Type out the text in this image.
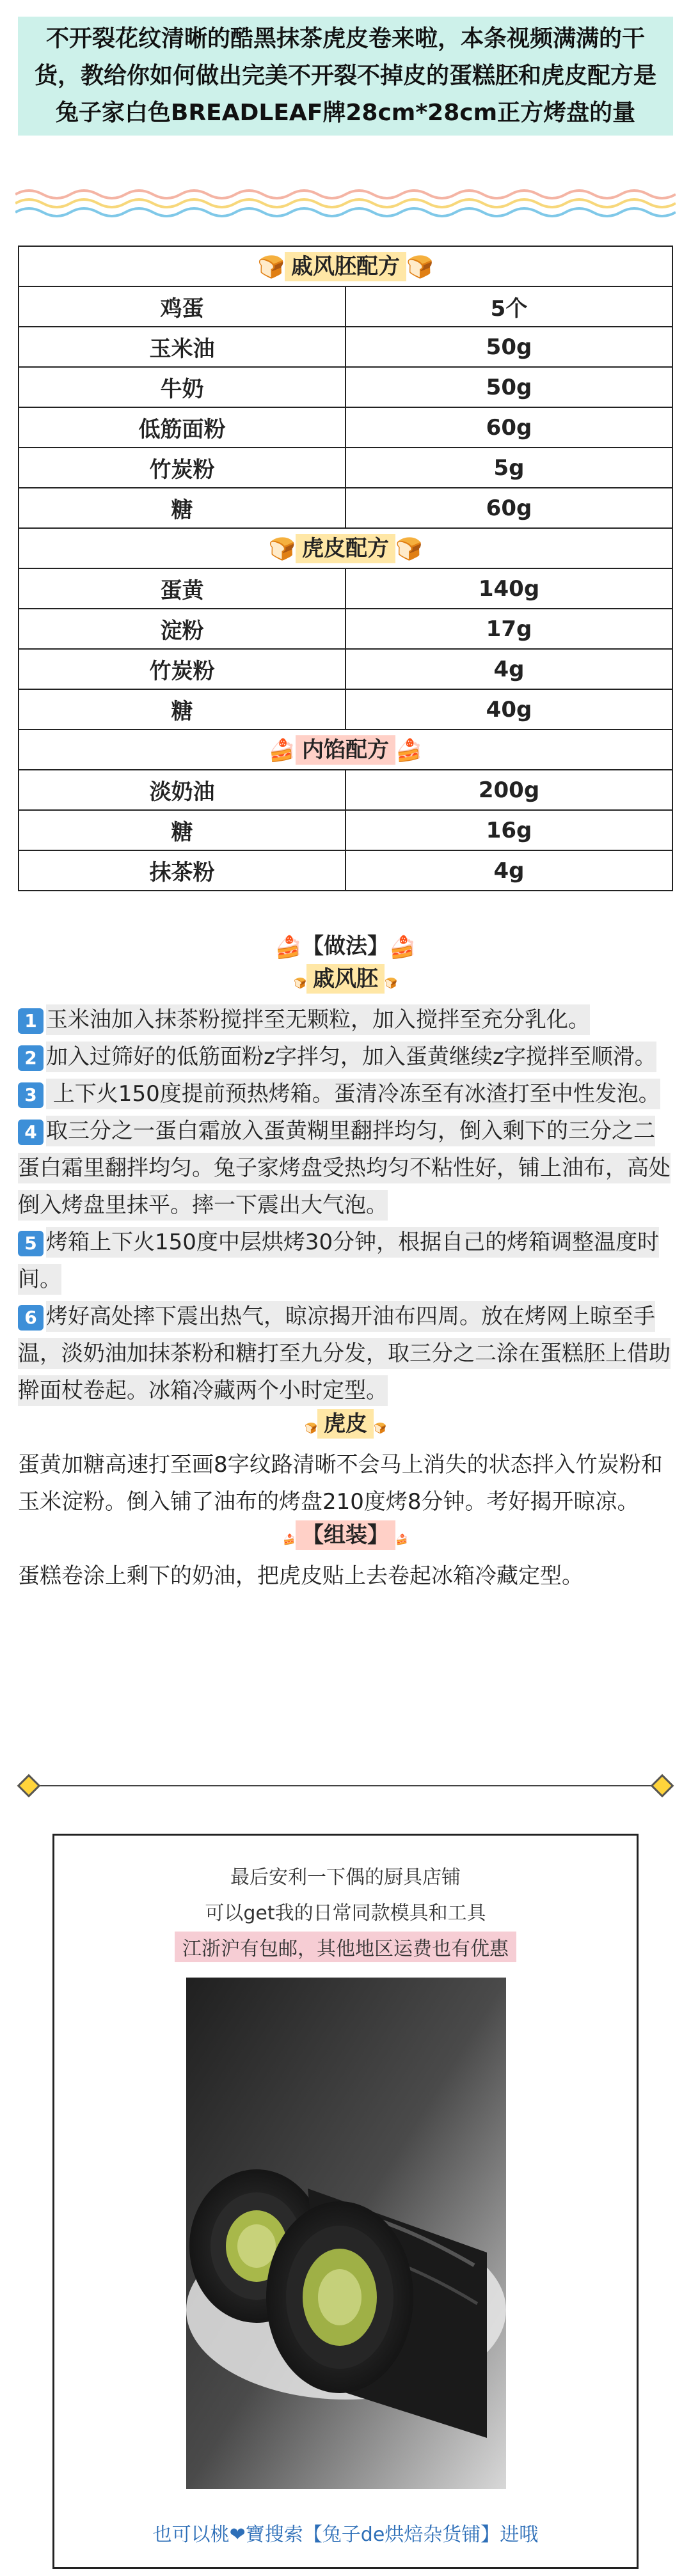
不开裂花纹清晰的酷黑抹茶虎皮卷来啦，本条视频满满的干货，教给你如何做出完美不开裂不掉皮的蛋糕胚和虎皮配方是兔子家白色BREADLEAF牌28cm*28cm正方烤盘的量
🍞 戚风胚配方 🍞	
鸡蛋	5个
玉米油	50g
牛奶	50g
低筋面粉	60g
竹炭粉	5g
糖	60g
🍞 虎皮配方 🍞	
蛋黄	140g
淀粉	17g
竹炭粉	4g
糖	40g
🍰 内馅配方 🍰	
淡奶油	200g
糖	16g
抹茶粉	4g
🍰【做法】🍰
🍞 戚风胚 🍞
1 玉米油加入抹茶粉搅拌至无颗粒，加入搅拌至充分乳化。
2 加入过筛好的低筋面粉z字拌匀，加入蛋黄继续z字搅拌至顺滑。
3 上下火150度提前预热烤箱。蛋清冷冻至有冰渣打至中性发泡。
4 取三分之一蛋白霜放入蛋黄糊里翻拌均匀，倒入剩下的三分之二蛋白霜里翻拌均匀。兔子家烤盘受热均匀不粘性好，铺上油布，高处倒入烤盘里抹平。摔一下震出大气泡。
5 烤箱上下火150度中层烘烤30分钟，根据自己的烤箱调整温度时间。
6 烤好高处摔下震出热气，晾凉揭开油布四周。放在烤网上晾至手温，淡奶油加抹茶粉和糖打至九分发，取三分之二涂在蛋糕胚上借助擀面杖卷起。冰箱冷藏两个小时定型。
🍞 虎皮 🍞
蛋黄加糖高速打至画8字纹路清晰不会马上消失的状态拌入竹炭粉和玉米淀粉。倒入铺了油布的烤盘210度烤8分钟。考好揭开晾凉。
🍰 【组装】 🍰
蛋糕卷涂上剩下的奶油，把虎皮贴上去卷起冰箱冷藏定型。
最后安利一下偶的厨具店铺
可以get我的日常同款模具和工具
江浙沪有包邮，其他地区运费也有优惠
也可以桃❤寶搜索【兔子de烘焙杂货铺】进哦
